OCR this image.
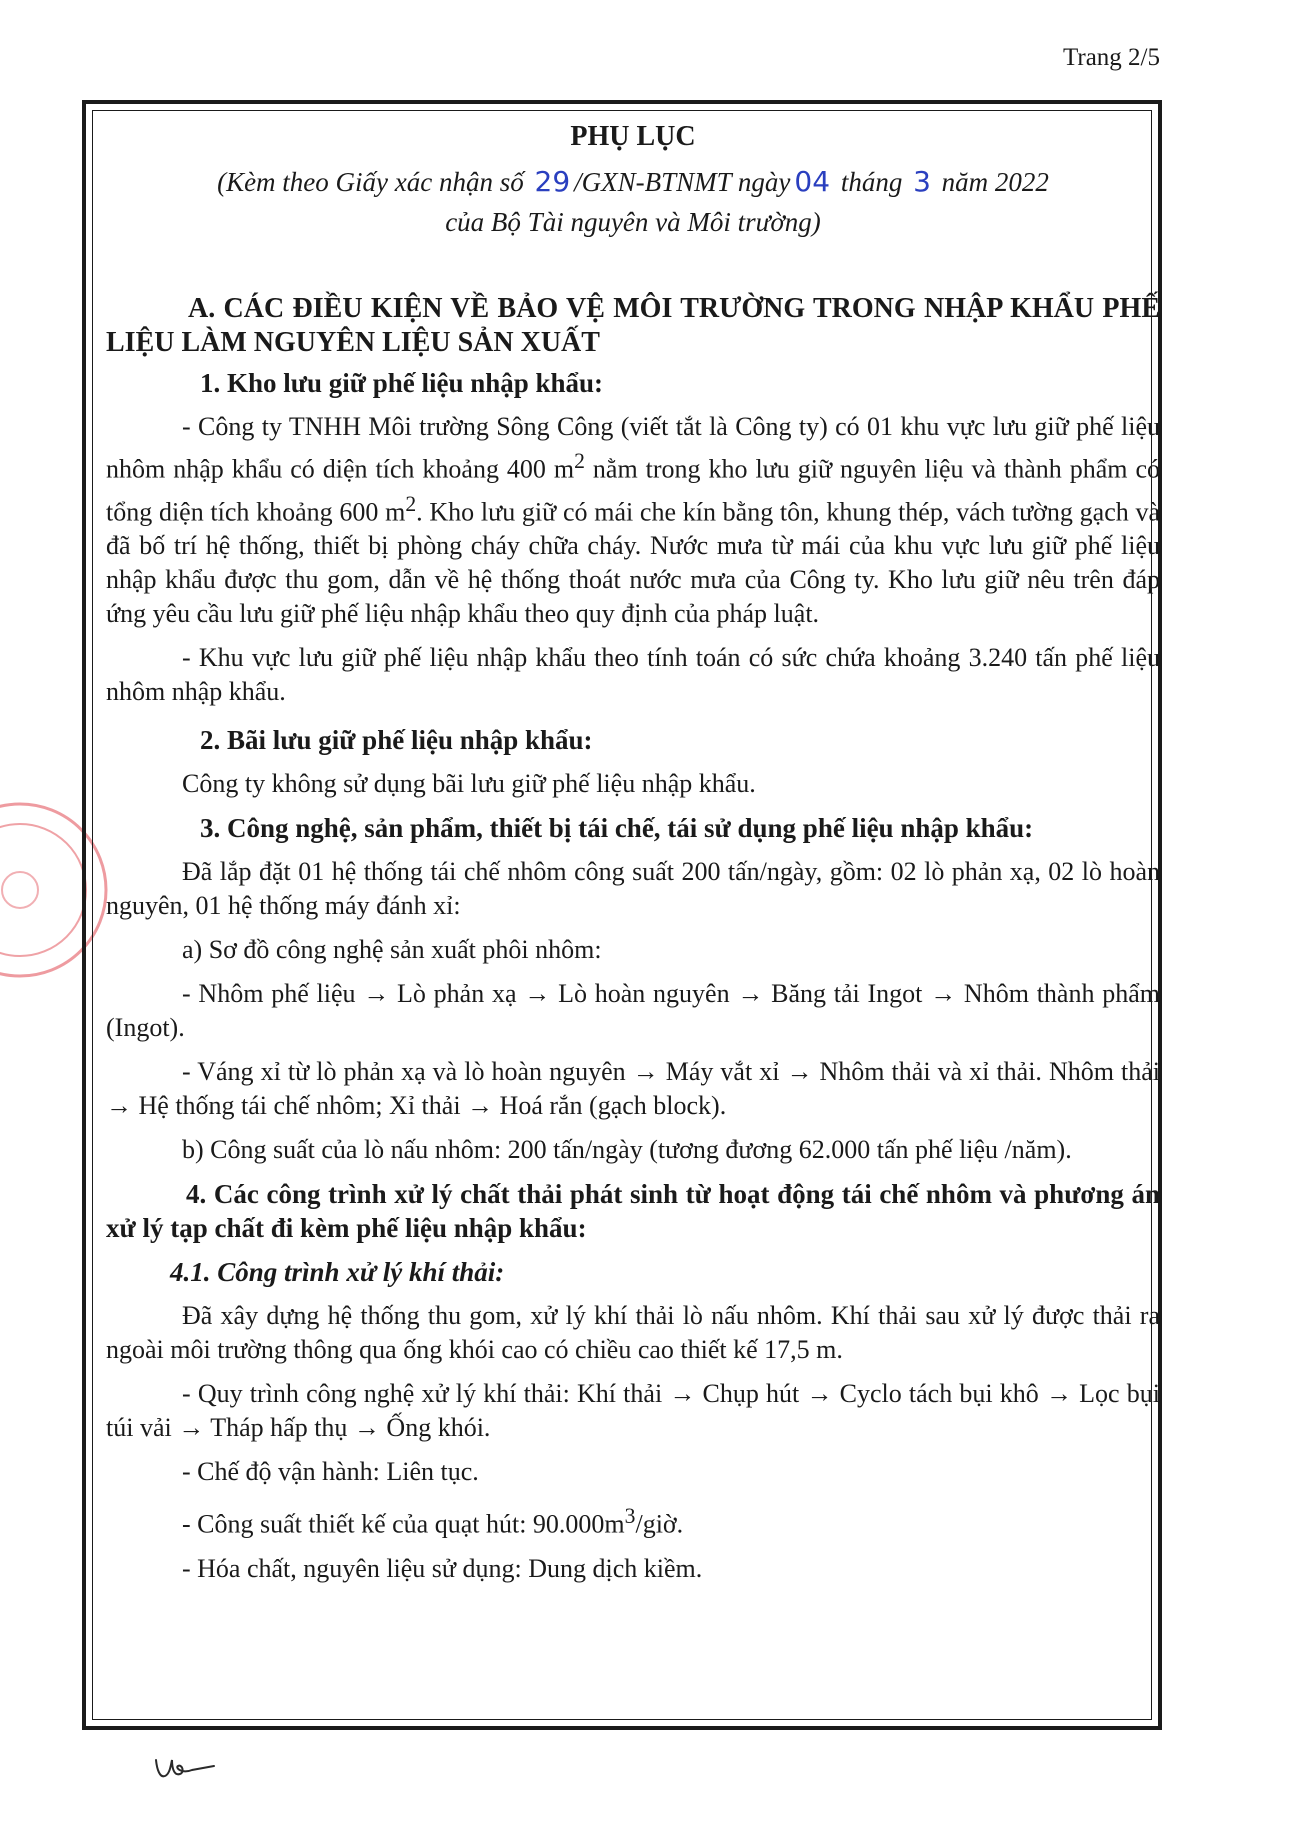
Trang 2/5
PHỤ LỤC
(Kèm theo Giấy xác nhận số 29 /GXN-BTNMT ngày 04 tháng 3 năm 2022
của Bộ Tài nguyên và Môi trường)
A. CÁC ĐIỀU KIỆN VỀ BẢO VỆ MÔI TRƯỜNG TRONG NHẬP KHẨU PHẾ LIỆU LÀM NGUYÊN LIỆU SẢN XUẤT
1. Kho lưu giữ phế liệu nhập khẩu:

- Công ty TNHH Môi trường Sông Công (viết tắt là Công ty) có 01 khu vực lưu giữ phế liệu nhôm nhập khẩu có diện tích khoảng 400 $m^2$ nằm trong kho lưu giữ nguyên liệu và thành phẩm có tổng diện tích khoảng 600 $m^2$. Kho lưu giữ có mái che kín bằng tôn, khung thép, vách tường gạch và đã bố trí hệ thống, thiết bị phòng cháy chữa cháy. Nước mưa từ mái của khu vực lưu giữ phế liệu nhập khẩu được thu gom, dẫn về hệ thống thoát nước mưa của Công ty. Kho lưu giữ nêu trên đáp ứng yêu cầu lưu giữ phế liệu nhập khẩu theo quy định của pháp luật.

- Khu vực lưu giữ phế liệu nhập khẩu theo tính toán có sức chứa khoảng 3.240 tấn phế liệu nhôm nhập khẩu.

2. Bãi lưu giữ phế liệu nhập khẩu:

Công ty không sử dụng bãi lưu giữ phế liệu nhập khẩu.

3. Công nghệ, sản phẩm, thiết bị tái chế, tái sử dụng phế liệu nhập khẩu:

Đã lắp đặt 01 hệ thống tái chế nhôm công suất 200 tấn/ngày, gồm: 02 lò phản xạ, 02 lò hoàn nguyên, 01 hệ thống máy đánh xỉ:

a) Sơ đồ công nghệ sản xuất phôi nhôm:

- Nhôm phế liệu → Lò phản xạ → Lò hoàn nguyên → Băng tải Ingot → Nhôm thành phẩm (Ingot).

- Váng xỉ từ lò phản xạ và lò hoàn nguyên → Máy vắt xỉ → Nhôm thải và xỉ thải. Nhôm thải → Hệ thống tái chế nhôm; Xỉ thải → Hoá rắn (gạch block).

b) Công suất của lò nấu nhôm: 200 tấn/ngày (tương đương 62.000 tấn phế liệu /năm).

4. Các công trình xử lý chất thải phát sinh từ hoạt động tái chế nhôm và phương án xử lý tạp chất đi kèm phế liệu nhập khẩu:
4.1. Công trình xử lý khí thải:

Đã xây dựng hệ thống thu gom, xử lý khí thải lò nấu nhôm. Khí thải sau xử lý được thải ra ngoài môi trường thông qua ống khói cao có chiều cao thiết kế 17,5 m.

- Quy trình công nghệ xử lý khí thải: Khí thải → Chụp hút → Cyclo tách bụi khô → Lọc bụi túi vải → Tháp hấp thụ → Ống khói.

- Chế độ vận hành: Liên tục.

- Công suất thiết kế của quạt hút: $90.000m^3$/giờ.

- Hóa chất, nguyên liệu sử dụng: Dung dịch kiềm.
